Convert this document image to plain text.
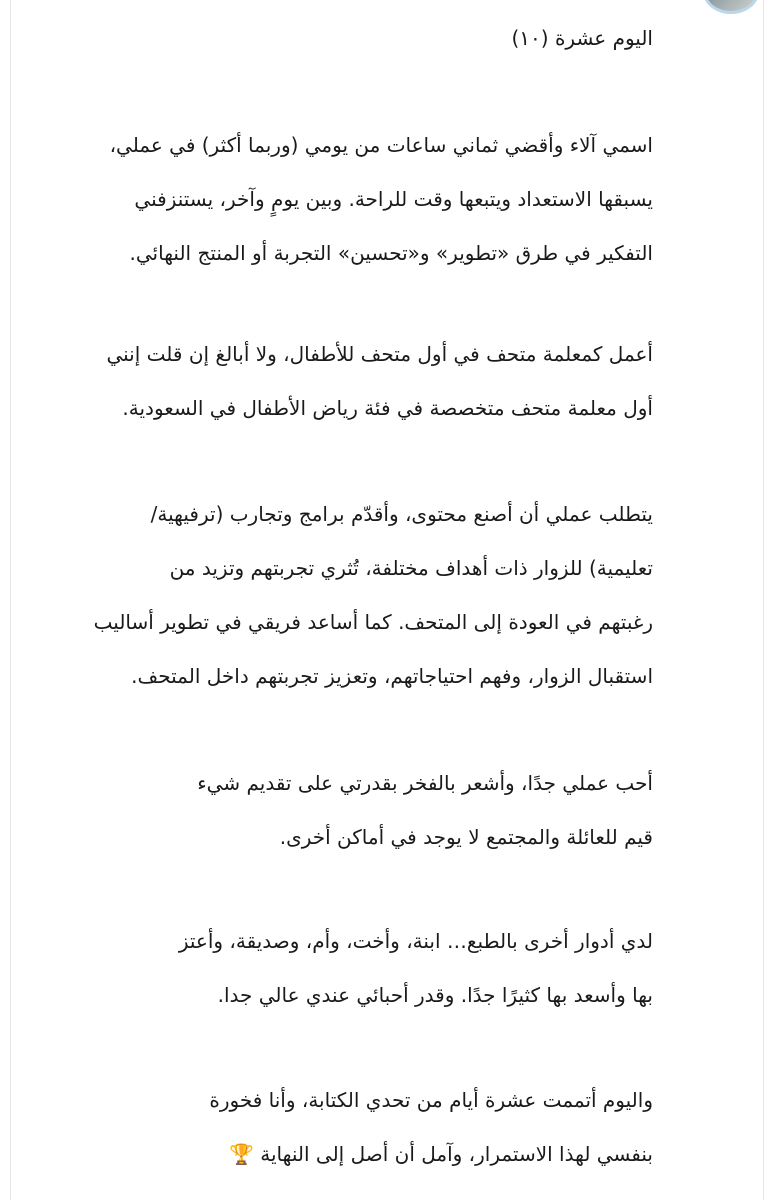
اليوم عشرة (١٠)
اسمي آلاء وأقضي ثماني ساعات من يومي (وربما أكثر) في عملي،
يسبقها الاستعداد ويتبعها وقت للراحة. وبين يومٍ وآخر، يستنزفني
التفكير في طرق «تطوير» و«تحسين» التجربة أو المنتج النهائي.
أعمل كمعلمة متحف في أول متحف للأطفال، ولا أبالغ إن قلت إنني
أول معلمة متحف متخصصة في فئة رياض الأطفال في السعودية.
يتطلب عملي أن أصنع محتوى، وأقدّم برامج وتجارب (ترفيهية/
تعليمية) للزوار ذات أهداف مختلفة، تُثري تجربتهم وتزيد من
رغبتهم في العودة إلى المتحف. كما أساعد فريقي في تطوير أساليب
استقبال الزوار، وفهم احتياجاتهم، وتعزيز تجربتهم داخل المتحف.
أحب عملي جدًا، وأشعر بالفخر بقدرتي على تقديم شيء
قيم للعائلة والمجتمع لا يوجد في أماكن أخرى.
لدي أدوار أخرى بالطبع… ابنة، وأخت، وأم، وصديقة، وأعتز
بها وأسعد بها كثيرًا جدًا. وقدر أحبائي عندي عالي جدا.
واليوم أتممت عشرة أيام من تحدي الكتابة، وأنا فخورة
بنفسي لهذا الاستمرار، وآمل أن أصل إلى النهاية 🏆
